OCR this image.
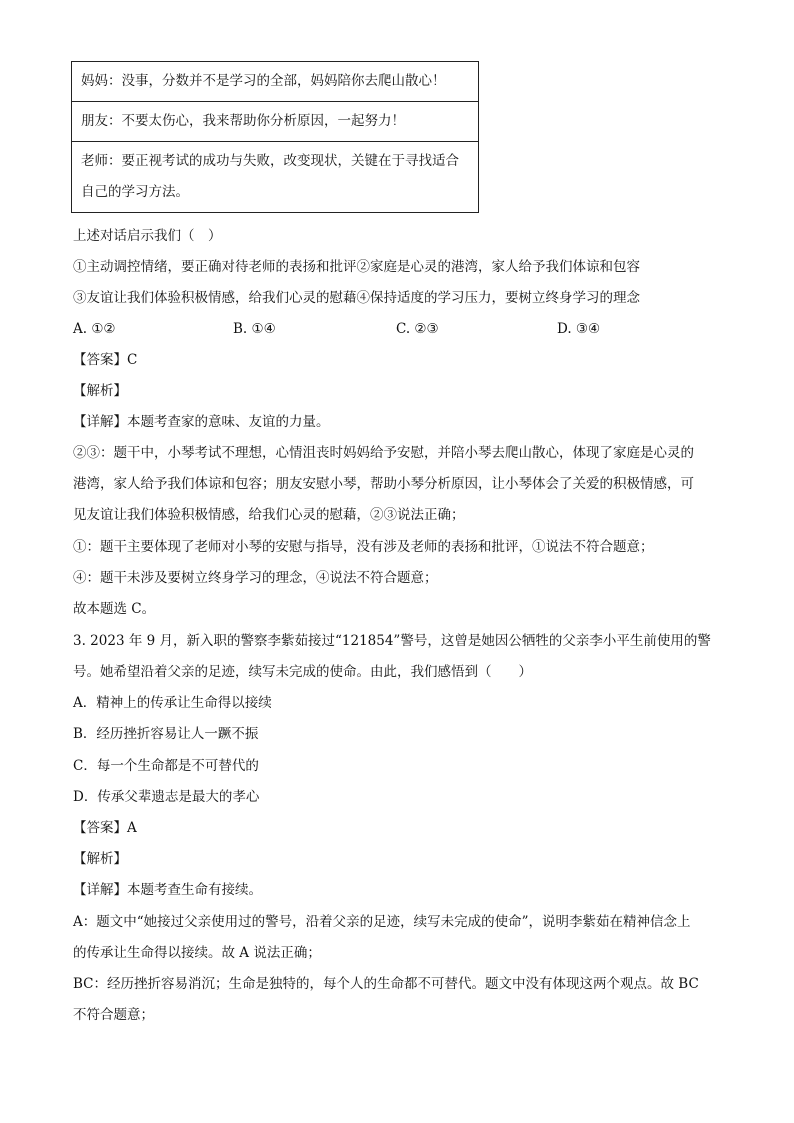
妈妈：没事，分数并不是学习的全部，妈妈陪你去爬山散心！
朋友：不要太伤心，我来帮助你分析原因，一起努力！

老师：要正视考试的成功与失败，改变现状，关键在于寻找适合
自己的学习方法。
上述对话启示我们（　）
①主动调控情绪，要正确对待老师的表扬和批评②家庭是心灵的港湾，家人给予我们体谅和包容
③友谊让我们体验积极情感，给我们心灵的慰藉④保持适度的学习压力，要树立终身学习的理念
A. ①②	B. ①④	C. ②③	D. ③④
【答案】C
【解析】
【详解】本题考查家的意味、友谊的力量。
②③：题干中，小琴考试不理想，心情沮丧时妈妈给予安慰，并陪小琴去爬山散心，体现了家庭是心灵的
港湾，家人给予我们体谅和包容；朋友安慰小琴，帮助小琴分析原因，让小琴体会了关爱的积极情感，可
见友谊让我们体验积极情感，给我们心灵的慰藉，②③说法正确；
①：题干主要体现了老师对小琴的安慰与指导，没有涉及老师的表扬和批评，①说法不符合题意；
④：题干未涉及要树立终身学习的理念，④说法不符合题意；
故本题选 C。
3. 2023 年 9 月，新入职的警察李紫茹接过“121854”警号，这曾是她因公牺牲的父亲李小平生前使用的警
号。她希望沿着父亲的足迹，续写未完成的使命。由此，我们感悟到（　　）
A．精神上的传承让生命得以接续
B．经历挫折容易让人一蹶不振
C．每一个生命都是不可替代的
D．传承父辈遗志是最大的孝心
【答案】A
【解析】
【详解】本题考查生命有接续。
A：题文中“她接过父亲使用过的警号，沿着父亲的足迹，续写未完成的使命”，说明李紫茹在精神信念上
的传承让生命得以接续。故 A 说法正确；
BC：经历挫折容易消沉；生命是独特的，每个人的生命都不可替代。题文中没有体现这两个观点。故 BC
不符合题意；
